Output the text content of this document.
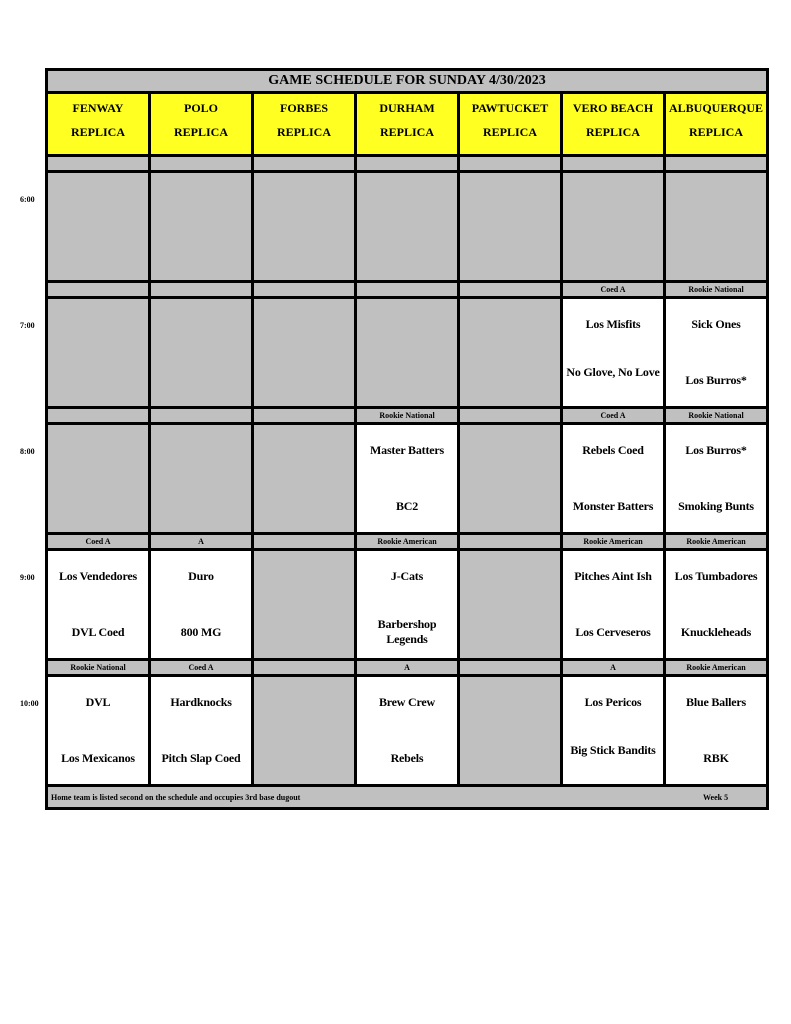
GAME SCHEDULE FOR SUNDAY 4/30/2023
FENWAY
REPLICA
POLO
REPLICA
FORBES
REPLICA
DURHAM
REPLICA
PAWTUCKET
REPLICA
VERO BEACH
REPLICA
ALBUQUERQUE
REPLICA
Coed A
Los Misfits
No Glove, No Love
Rookie National
Sick Ones
Los Burros*
Rookie National
Master Batters
BC2
Coed A
Rebels Coed
Monster Batters
Rookie National
Los Burros*
Smoking Bunts
Coed A
Los Vendedores
DVL Coed
A
Duro
800 MG
Rookie American
J-Cats
Barbershop Legends
Rookie American
Pitches Aint Ish
Los Cerveseros
Rookie American
Los Tumbadores
Knuckleheads
Rookie National
DVL
Los Mexicanos
Coed A
Hardknocks
Pitch Slap Coed
A
Brew Crew
Rebels
A
Los Pericos
Big Stick Bandits
Rookie American
Blue Ballers
RBK
Home team is listed second on the schedule and occupies 3rd base dugout	Week 5
6:00
7:00
8:00
9:00
10:00
